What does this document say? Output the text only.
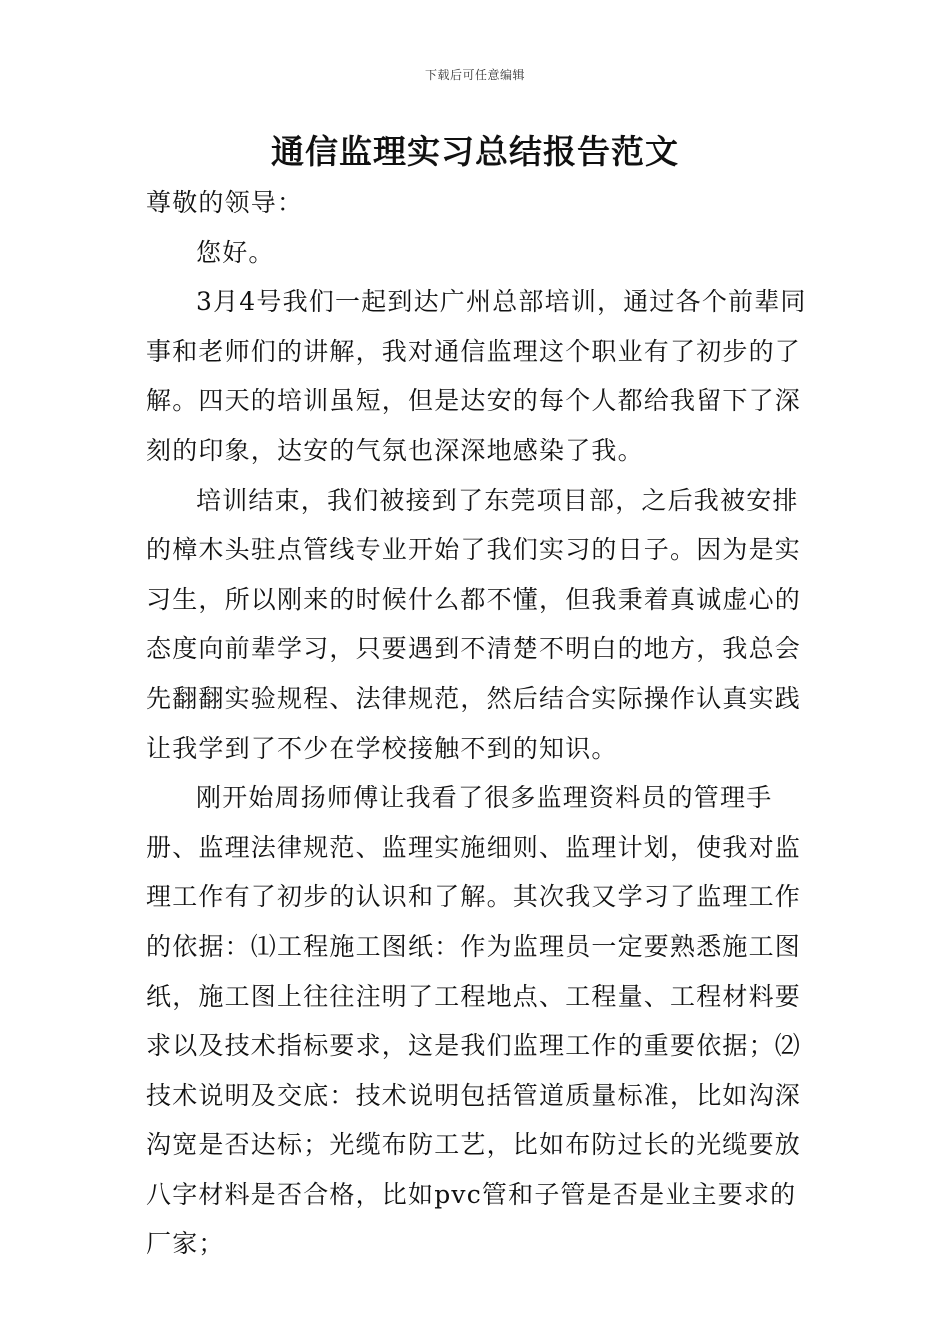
下载后可任意编辑
通信监理实习总结报告范文

尊敬的领导：

您好。

3月4号我们一起到达广州总部培训，通过各个前辈同事和老师们的讲解，我对通信监理这个职业有了初步的了解。四天的培训虽短，但是达安的每个人都给我留下了深刻的印象，达安的气氛也深深地感染了我。

培训结束，我们被接到了东莞项目部，之后我被安排的樟木头驻点管线专业开始了我们实习的日子。因为是实习生，所以刚来的时候什么都不懂，但我秉着真诚虚心的态度向前辈学习，只要遇到不清楚不明白的地方，我总会先翻翻实验规程、法律规范，然后结合实际操作认真实践让我学到了不少在学校接触不到的知识。

刚开始周扬师傅让我看了很多监理资料员的管理手册、监理法律规范、监理实施细则、监理计划，使我对监理工作有了初步的认识和了解。其次我又学习了监理工作的依据：⑴工程施工图纸：作为监理员一定要熟悉施工图纸，施工图上往往注明了工程地点、工程量、工程材料要求以及技术指标要求，这是我们监理工作的重要依据；⑵技术说明及交底：技术说明包括管道质量标准，比如沟深沟宽是否达标；光缆布防工艺，比如布防过长的光缆要放八字材料是否合格，比如pvc管和子管是否是业主要求的厂家；
